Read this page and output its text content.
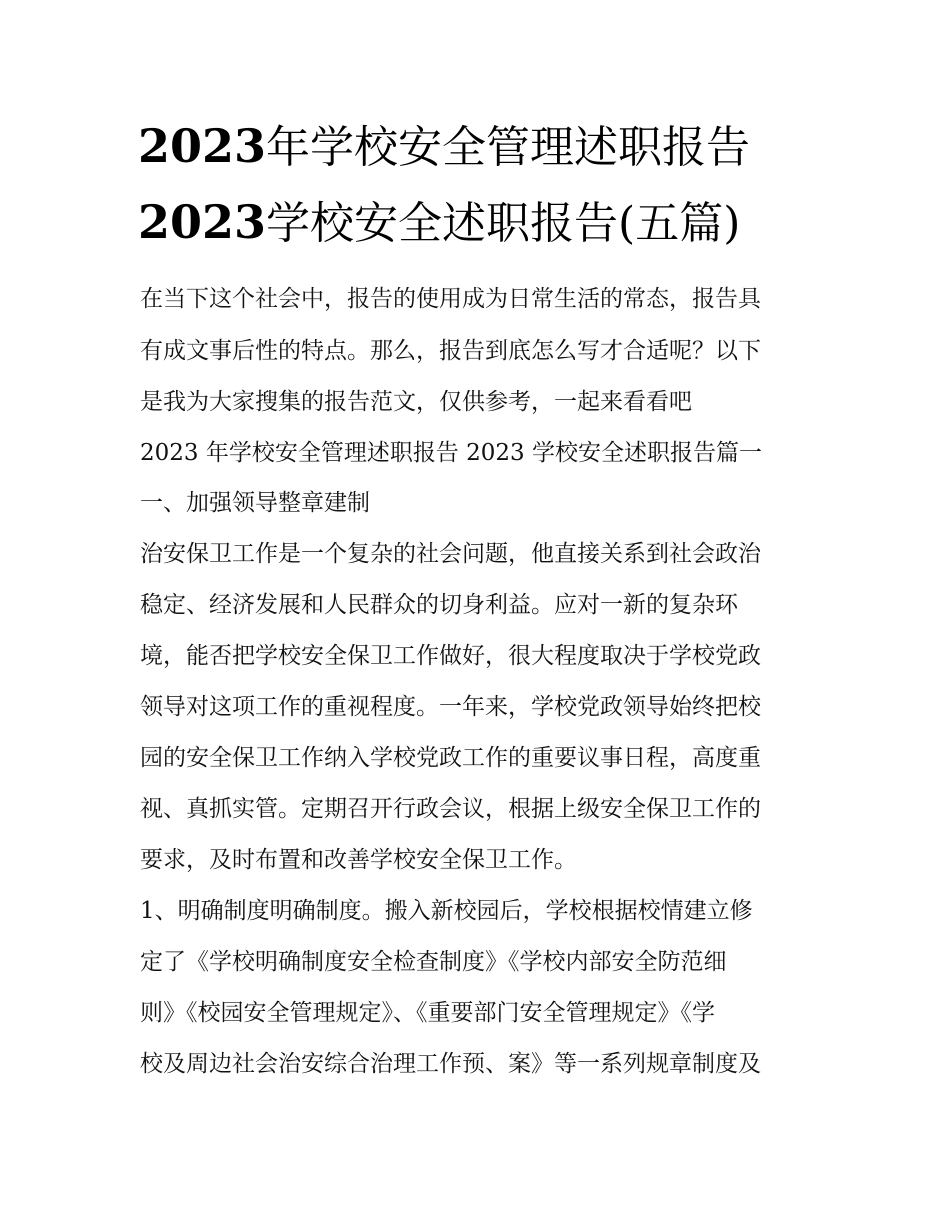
2023年学校安全管理述职报告
2023学校安全述职报告(五篇)
在当下这个社会中，报告的使用成为日常生活的常态，报告具
有成文事后性的特点。那么，报告到底怎么写才合适呢？以下
是我为大家搜集的报告范文，仅供参考，一起来看看吧
2023 年学校安全管理述职报告 2023 学校安全述职报告篇一
一、加强领导整章建制
治安保卫工作是一个复杂的社会问题，他直接关系到社会政治
稳定、经济发展和人民群众的切身利益。应对一新的复杂环
境，能否把学校安全保卫工作做好，很大程度取决于学校党政
领导对这项工作的重视程度。一年来，学校党政领导始终把校
园的安全保卫工作纳入学校党政工作的重要议事日程，高度重
视、真抓实管。定期召开行政会议，根据上级安全保卫工作的
要求，及时布置和改善学校安全保卫工作。
1、明确制度明确制度。搬入新校园后，学校根据校情建立修
定了《学校明确制度安全检查制度》《学校内部安全防范细
则》《校园安全管理规定》、《重要部门安全管理规定》《学
校及周边社会治安综合治理工作预、案》等一系列规章制度及
